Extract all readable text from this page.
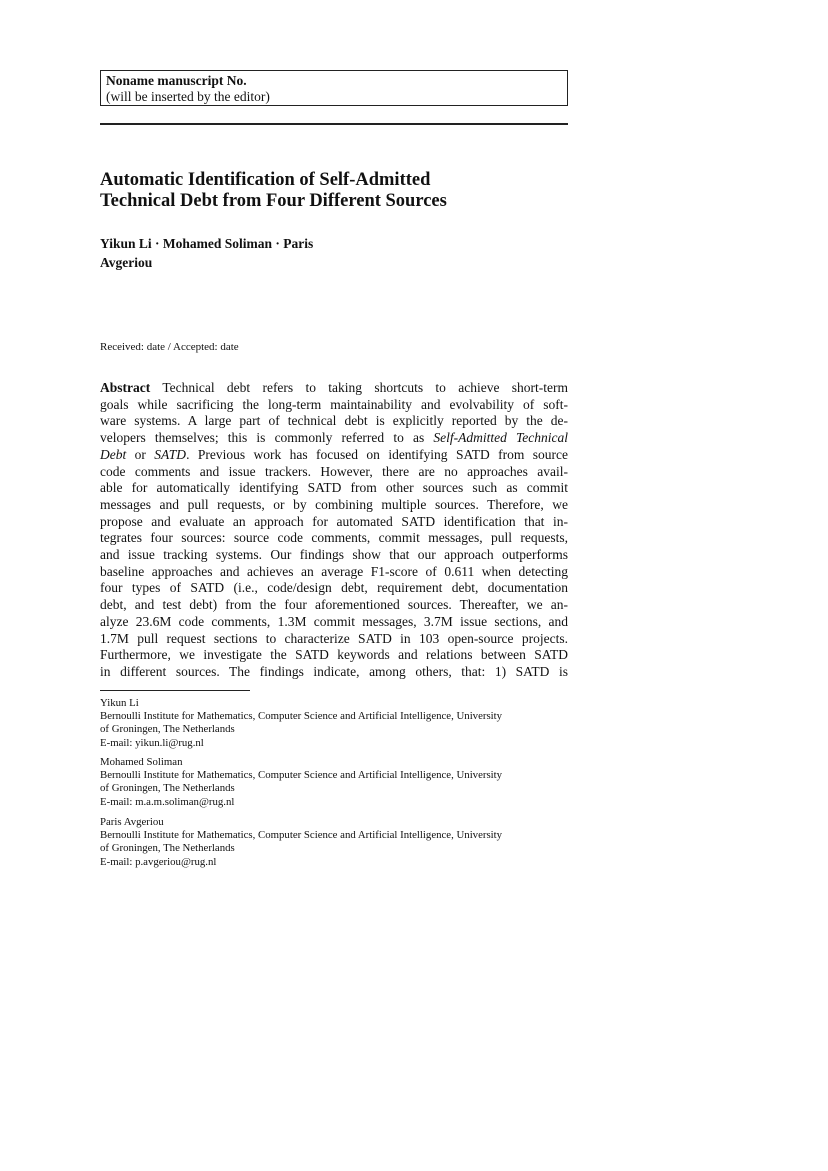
Noname manuscript No.
(will be inserted by the editor)
Automatic Identification of Self-Admitted
Technical Debt from Four Different Sources
Yikun Li · Mohamed Soliman · Paris
Avgeriou
Received: date / Accepted: date
Abstract Technical debt refers to taking shortcuts to achieve short-term
goals while sacrificing the long-term maintainability and evolvability of soft-
ware systems. A large part of technical debt is explicitly reported by the de-
velopers themselves; this is commonly referred to as Self-Admitted Technical
Debt or SATD. Previous work has focused on identifying SATD from source
code comments and issue trackers. However, there are no approaches avail-
able for automatically identifying SATD from other sources such as commit
messages and pull requests, or by combining multiple sources. Therefore, we
propose and evaluate an approach for automated SATD identification that in-
tegrates four sources: source code comments, commit messages, pull requests,
and issue tracking systems. Our findings show that our approach outperforms
baseline approaches and achieves an average F1-score of 0.611 when detecting
four types of SATD (i.e., code/design debt, requirement debt, documentation
debt, and test debt) from the four aforementioned sources. Thereafter, we an-
alyze 23.6M code comments, 1.3M commit messages, 3.7M issue sections, and
1.7M pull request sections to characterize SATD in 103 open-source projects.
Furthermore, we investigate the SATD keywords and relations between SATD
in different sources. The findings indicate, among others, that: 1) SATD is
Yikun Li
Bernoulli Institute for Mathematics, Computer Science and Artificial Intelligence, University
of Groningen, The Netherlands
E-mail: yikun.li@rug.nl
Mohamed Soliman
Bernoulli Institute for Mathematics, Computer Science and Artificial Intelligence, University
of Groningen, The Netherlands
E-mail: m.a.m.soliman@rug.nl
Paris Avgeriou
Bernoulli Institute for Mathematics, Computer Science and Artificial Intelligence, University
of Groningen, The Netherlands
E-mail: p.avgeriou@rug.nl
